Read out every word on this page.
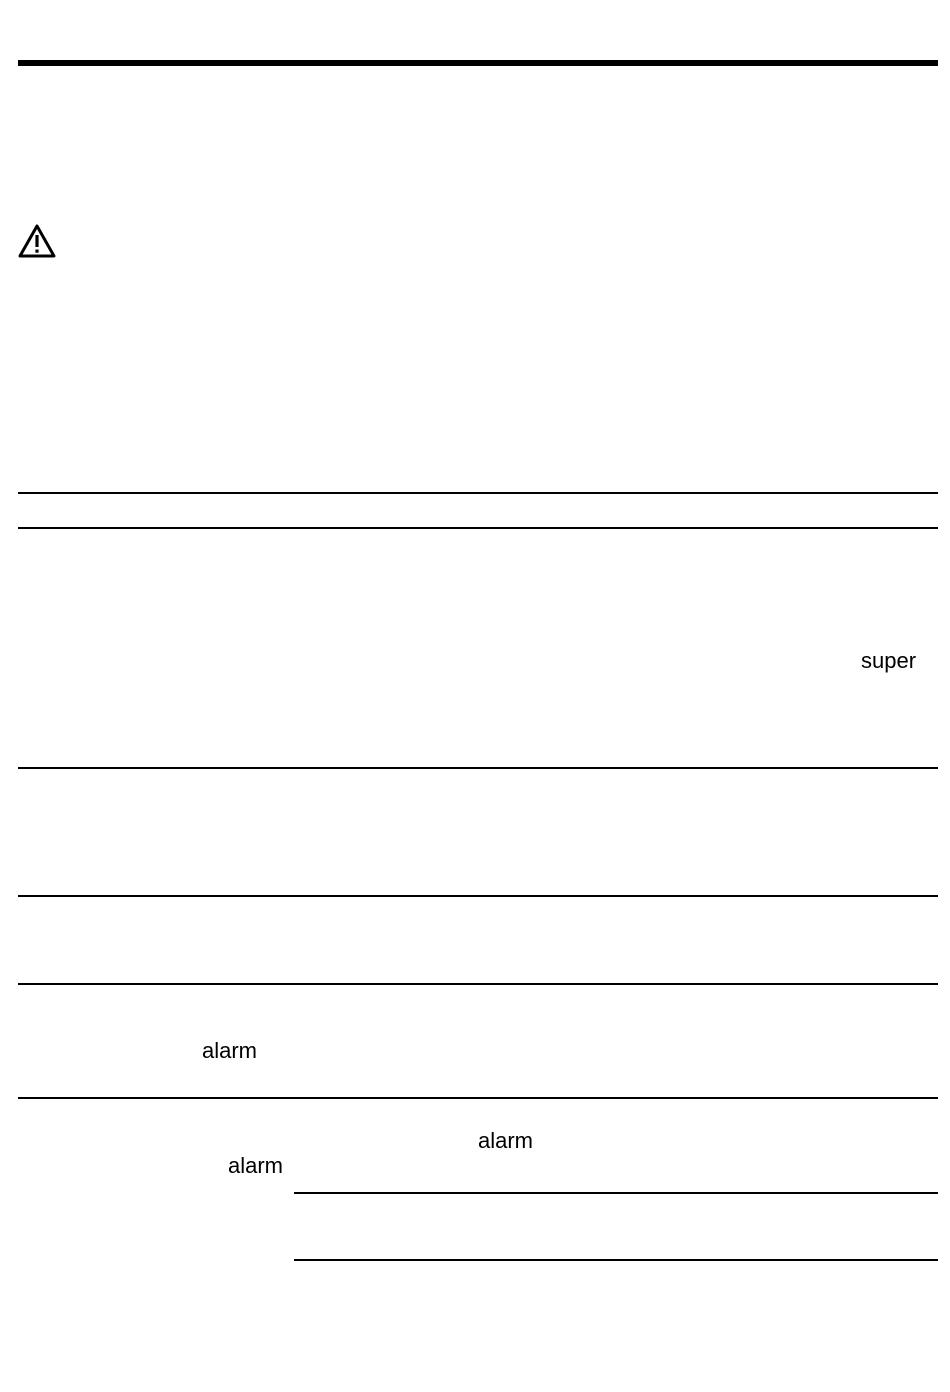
super
alarm
alarm
alarm
